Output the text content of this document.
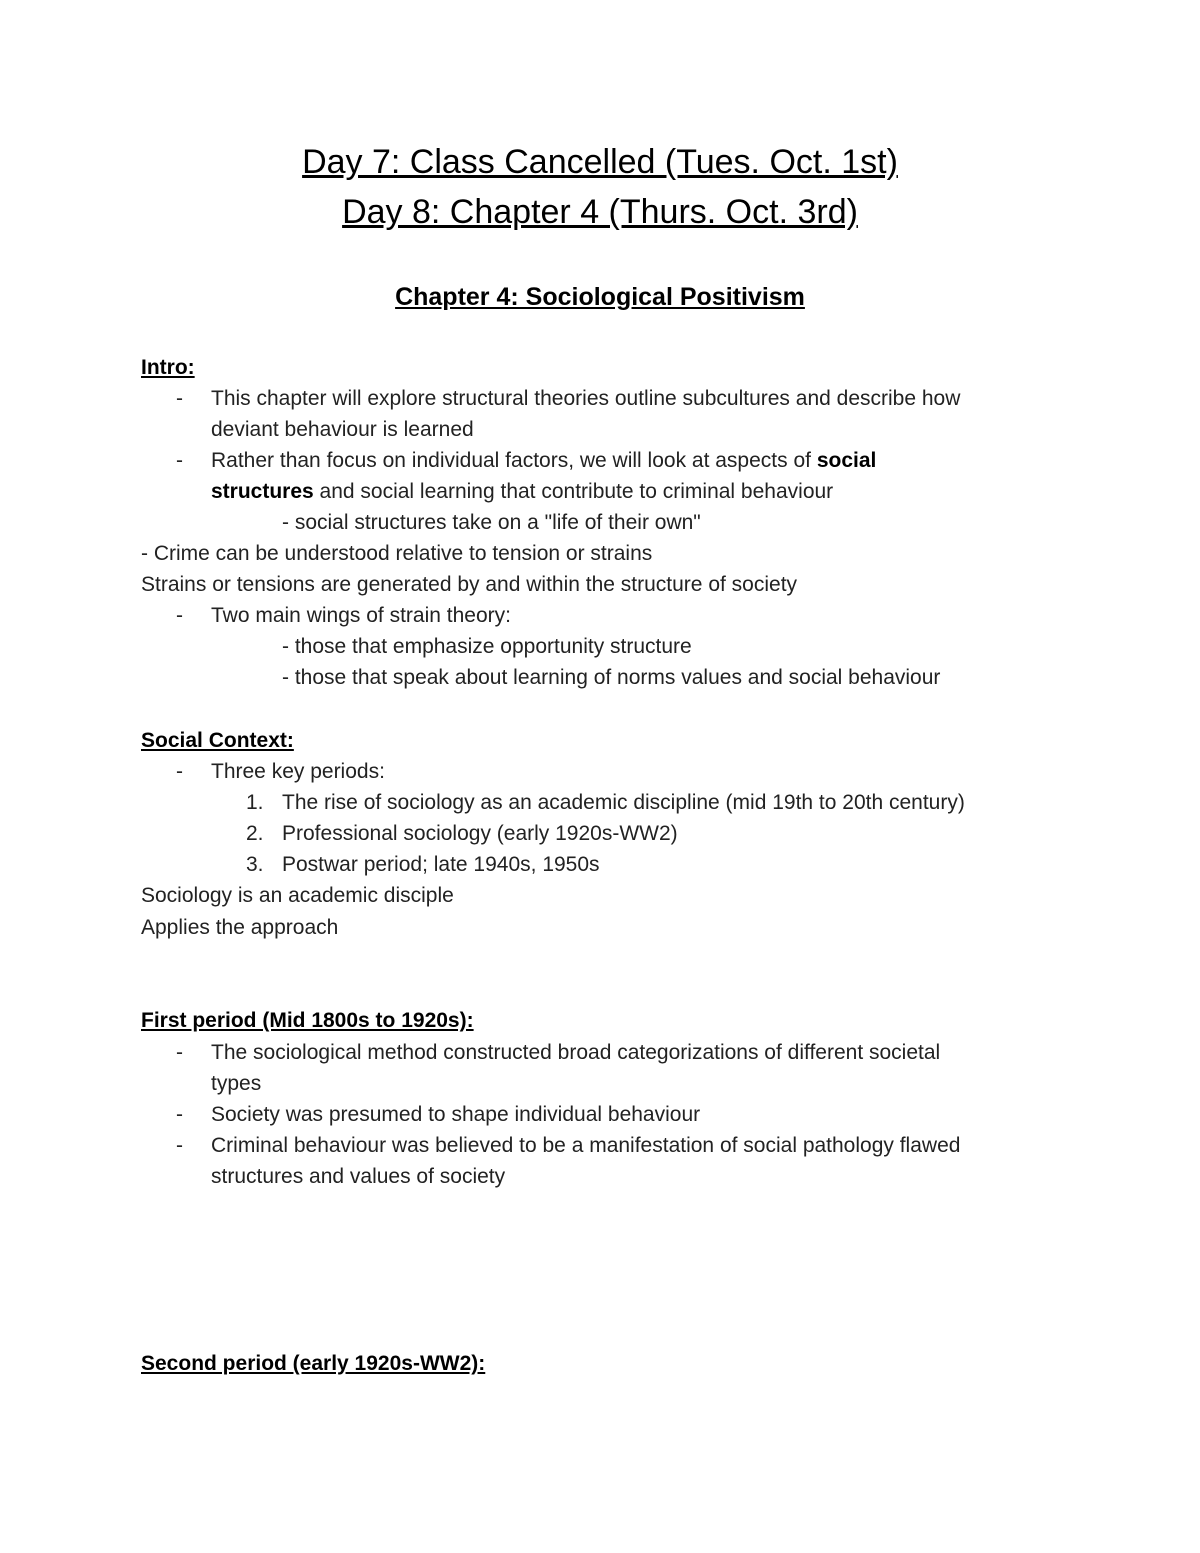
Day 7: Class Cancelled (Tues. Oct. 1st)
Day 8: Chapter 4 (Thurs. Oct. 3rd)
Chapter 4: Sociological Positivism
Intro:
- This chapter will explore structural theories outline subcultures and describe how
deviant behaviour is learned
- Rather than focus on individual factors, we will look at aspects of social
structures and social learning that contribute to criminal behaviour
- social structures take on a "life of their own"
- Crime can be understood relative to tension or strains
Strains or tensions are generated by and within the structure of society
- Two main wings of strain theory:
- those that emphasize opportunity structure
- those that speak about learning of norms values and social behaviour
Social Context:
- Three key periods:
1. The rise of sociology as an academic discipline (mid 19th to 20th century)
2. Professional sociology (early 1920s-WW2)
3. Postwar period; late 1940s, 1950s
Sociology is an academic disciple
Applies the approach
First period (Mid 1800s to 1920s):
- The sociological method constructed broad categorizations of different societal
types
- Society was presumed to shape individual behaviour
- Criminal behaviour was believed to be a manifestation of social pathology flawed
structures and values of society
Second period (early 1920s-WW2):
